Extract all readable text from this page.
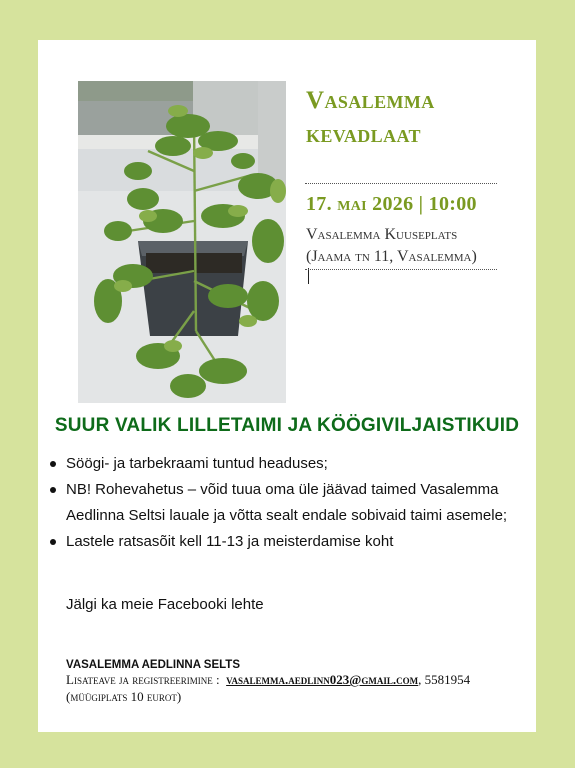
Vasalemma
kevadlaat
17. mai 2026 | 10:00
Vasalemma Kuuseplats
(Jaama tn 11, Vasalemma)
SUUR VALIK LILLETAIMI JA KÖÖGIVILJAISTIKUID
Söögi- ja tarbekraami tuntud headuses;
NB! Rohevahetus – võid tuua oma üle jäävad taimed Vasalemma Aedlinna Seltsi lauale ja võtta sealt endale sobivaid taimi asemele;
Lastele ratsasõit kell 11-13 ja meisterdamise koht
Jälgi ka meie Facebooki lehte
VASALEMMA AEDLINNA SELTS
Lisateave ja registreerimine : vasalemma.aedlinn023@gmail.com, 5581954
(müügiplats 10 eurot)
